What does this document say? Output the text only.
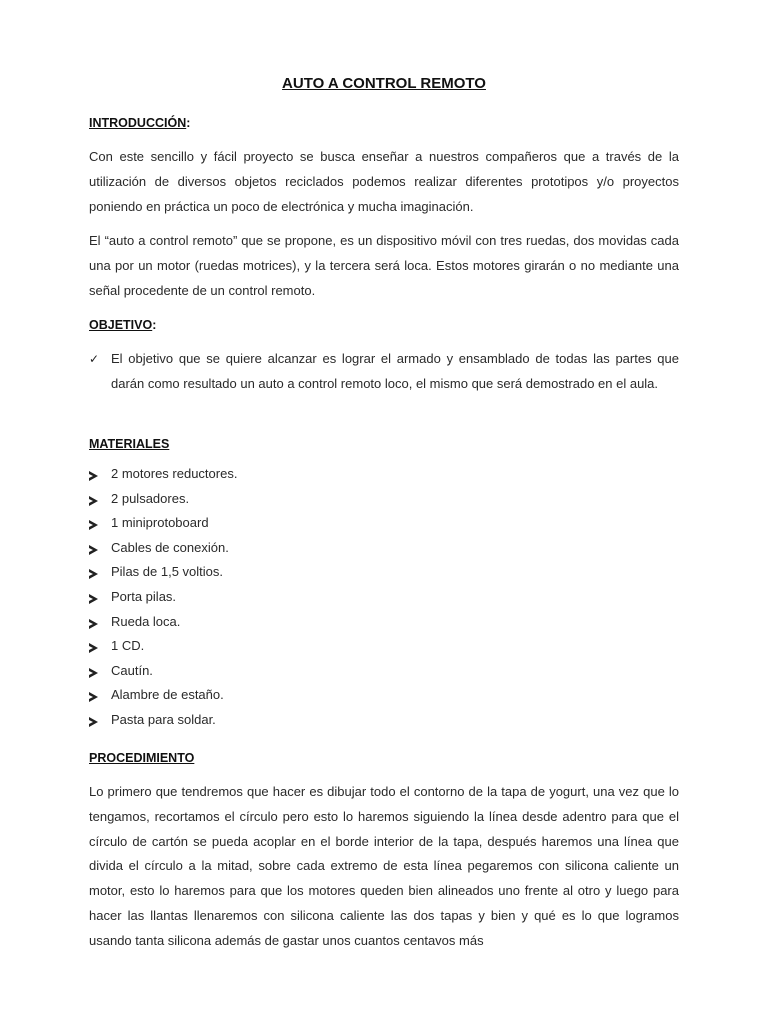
AUTO A CONTROL REMOTO
INTRODUCCIÓN:
Con este sencillo y fácil proyecto se busca enseñar a nuestros compañeros que a través de la utilización de diversos objetos reciclados podemos realizar diferentes prototipos y/o proyectos poniendo en práctica un poco de electrónica y mucha imaginación.
El “auto a control remoto” que se propone, es un dispositivo móvil con tres ruedas, dos movidas cada una por un motor (ruedas motrices), y la tercera será loca. Estos motores girarán o no mediante una señal procedente de un control remoto.
OBJETIVO:
✓ El objetivo que se quiere alcanzar es lograr el armado y ensamblado de todas las partes que darán como resultado un auto a control remoto loco, el mismo que será demostrado en el aula.
MATERIALES
2 motores reductores.
2 pulsadores.
1 miniprotoboard
Cables de conexión.
Pilas de 1,5 voltios.
Porta pilas.
Rueda loca.
1 CD.
Cautín.
Alambre de estaño.
Pasta para soldar.
PROCEDIMIENTO
Lo primero que tendremos que hacer es dibujar todo el contorno de la tapa de yogurt, una vez que lo tengamos, recortamos el círculo pero esto lo haremos siguiendo la línea desde adentro para que el círculo de cartón se pueda acoplar en el borde interior de la tapa, después haremos una línea que divida el círculo a la mitad, sobre cada extremo de esta línea pegaremos con silicona caliente un motor, esto lo haremos para que los motores queden bien alineados uno frente al otro y luego para hacer las llantas llenaremos con silicona caliente las dos tapas y bien y qué es lo que logramos usando tanta silicona además de gastar unos cuantos centavos más
